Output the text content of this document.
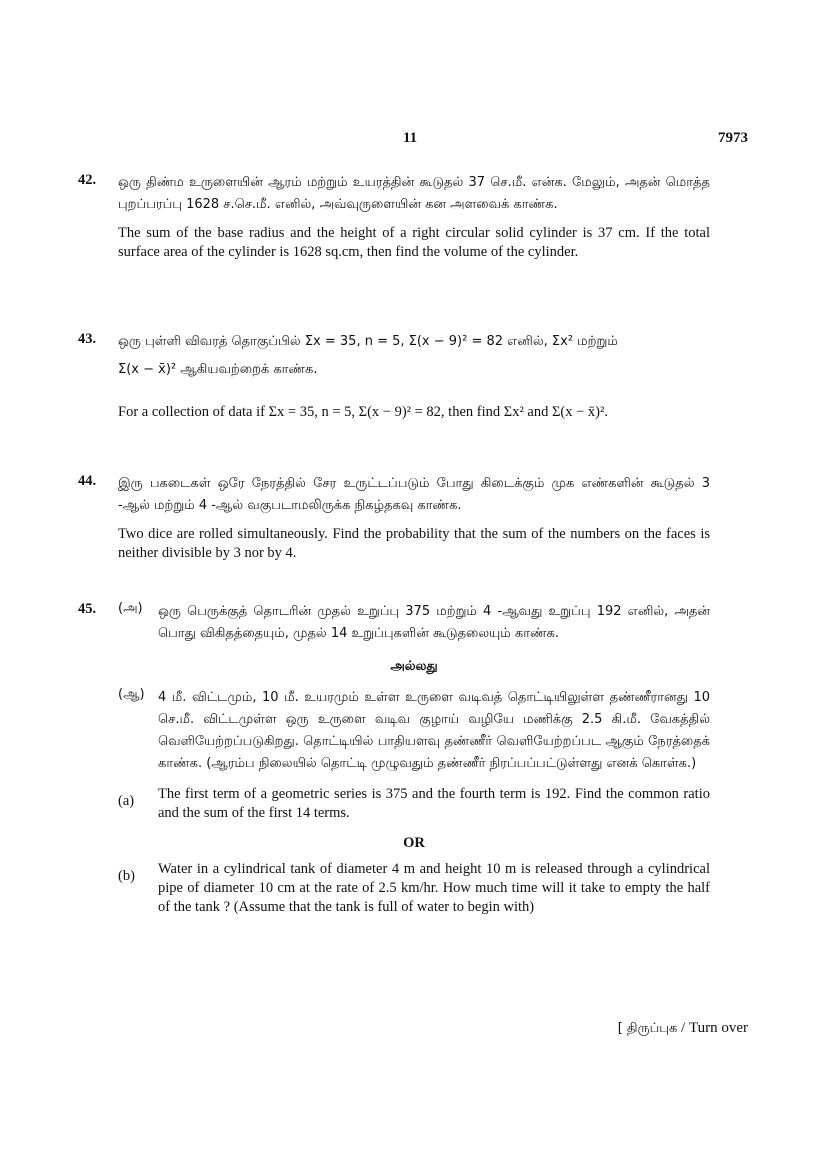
11	7973
42.	ஒரு திண்ம உருளையின் ஆரம் மற்றும் உயரத்தின் கூடுதல் 37 செ.மீ. என்க. மேலும், அதன் மொத்த புறப்பரப்பு 1628 ச.செ.மீ. எனில், அவ்வுருளையின் கன அளவைக் காண்க.
The sum of the base radius and the height of a right circular solid cylinder is 37 cm. If the total surface area of the cylinder is 1628 sq.cm, then find the volume of the cylinder.
43.	ஒரு புள்ளி விவரத் தொகுப்பில் Σx = 35, n = 5, Σ(x − 9)² = 82 எனில், Σx² மற்றும்
Σ(x − x̄)² ஆகியவற்றைக் காண்க.
For a collection of data if Σx = 35, n = 5, Σ(x − 9)² = 82, then find Σx² and Σ(x − x̄)².
44.	இரு பகடைகள் ஒரே நேரத்தில் சேர உருட்டப்படும் போது கிடைக்கும் முக எண்களின் கூடுதல் 3 -ஆல் மற்றும் 4 -ஆல் வகுபடாமலிருக்க நிகழ்தகவு காண்க.
Two dice are rolled simultaneously. Find the probability that the sum of the numbers on the faces is neither divisible by 3 nor by 4.
45.	(அ) ஒரு பெருக்குத் தொடரின் முதல் உறுப்பு 375 மற்றும் 4 -ஆவது உறுப்பு 192 எனில், அதன் பொது விகிதத்தையும், முதல் 14 உறுப்புகளின் கூடுதலையும் காண்க.
அல்லது
(ஆ) 4 மீ. விட்டமும், 10 மீ. உயரமும் உள்ள உருளை வடிவத் தொட்டியிலுள்ள தண்ணீரானது 10 செ.மீ. விட்டமுள்ள ஒரு உருளை வடிவ குழாய் வழியே மணிக்கு 2.5 கி.மீ. வேகத்தில் வெளியேற்றப்படுகிறது. தொட்டியில் பாதியளவு தண்ணீர் வெளியேற்றப்பட ஆகும் நேரத்தைக் காண்க. (ஆரம்ப நிலையில் தொட்டி முழுவதும் தண்ணீர் நிரப்பப்பட்டுள்ளது எனக் கொள்க.)
(a) The first term of a geometric series is 375 and the fourth term is 192. Find the common ratio and the sum of the first 14 terms.
OR
(b) Water in a cylindrical tank of diameter 4 m and height 10 m is released through a cylindrical pipe of diameter 10 cm at the rate of 2.5 km/hr. How much time will it take to empty the half of the tank ? (Assume that the tank is full of water to begin with)
[ திருப்புக / Turn over
